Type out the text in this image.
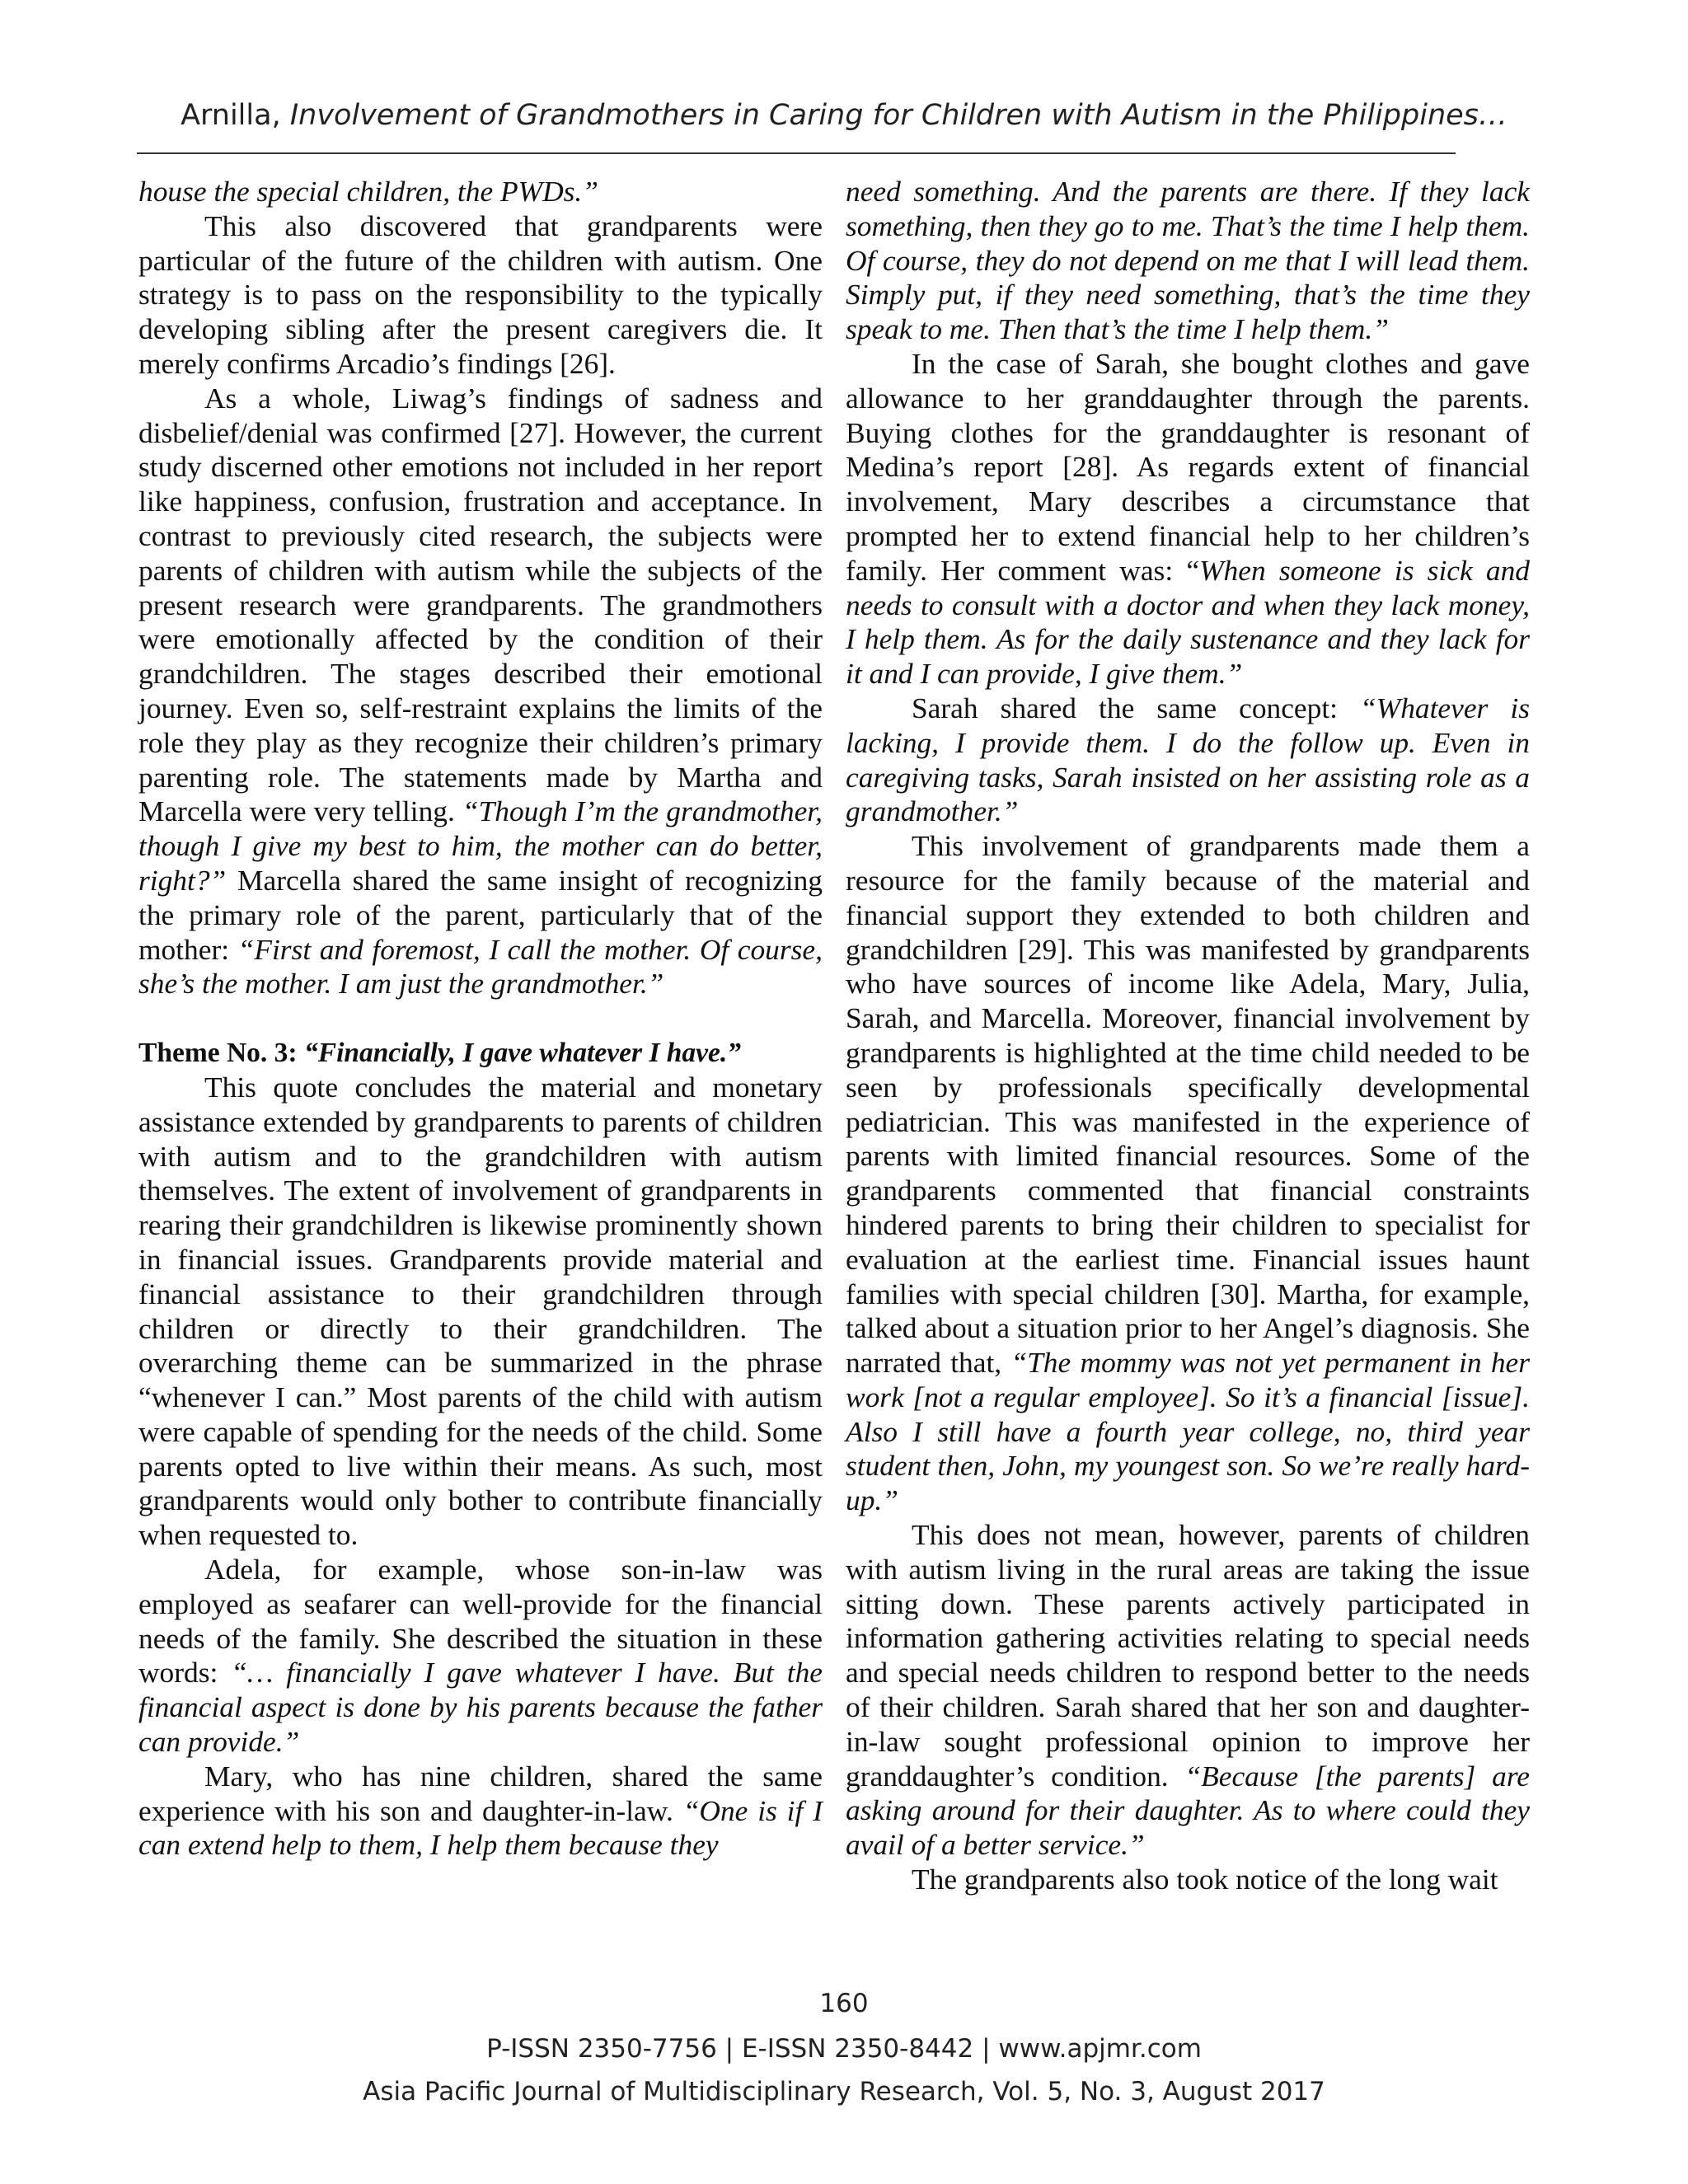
Arnilla, Involvement of Grandmothers in Caring for Children with Autism in the Philippines…

house the special children, the PWDs.”

This also discovered that grandparents were particular of the future of the children with autism. One strategy is to pass on the responsibility to the typically developing sibling after the present caregivers die. It merely confirms Arcadio’s findings [26].

As a whole, Liwag’s findings of sadness and disbelief/denial was confirmed [27]. However, the current study discerned other emotions not included in her report like happiness, confusion, frustration and acceptance. In contrast to previously cited research, the subjects were parents of children with autism while the subjects of the present research were grandparents. The grandmothers were emotionally affected by the condition of their grandchildren. The stages described their emotional journey. Even so, self-restraint explains the limits of the role they play as they recognize their children’s primary parenting role. The statements made by Martha and Marcella were very telling. “Though I’m the grandmother, though I give my best to him, the mother can do better, right?” Marcella shared the same insight of recognizing the primary role of the parent, particularly that of the mother: “First and foremost, I call the mother. Of course, she’s the mother. I am just the grandmother.”

Theme No. 3: “Financially, I gave whatever I have.”

This quote concludes the material and monetary assistance extended by grandparents to parents of children with autism and to the grandchildren with autism themselves. The extent of involvement of grandparents in rearing their grandchildren is likewise prominently shown in financial issues. Grandparents provide material and financial assistance to their grandchildren through children or directly to their grandchildren. The overarching theme can be summarized in the phrase “whenever I can.” Most parents of the child with autism were capable of spending for the needs of the child. Some parents opted to live within their means. As such, most grandparents would only bother to contribute financially when requested to.

Adela, for example, whose son-in-law was employed as seafarer can well-provide for the financial needs of the family. She described the situation in these words: “… financially I gave whatever I have. But the financial aspect is done by his parents because the father can provide.”

Mary, who has nine children, shared the same experience with his son and daughter-in-law. “One is if I can extend help to them, I help them because they

need something. And the parents are there. If they lack something, then they go to me. That’s the time I help them. Of course, they do not depend on me that I will lead them. Simply put, if they need something, that’s the time they speak to me. Then that’s the time I help them.”

In the case of Sarah, she bought clothes and gave allowance to her granddaughter through the parents. Buying clothes for the granddaughter is resonant of Medina’s report [28]. As regards extent of financial involvement, Mary describes a circumstance that prompted her to extend financial help to her children’s family. Her comment was: “When someone is sick and needs to consult with a doctor and when they lack money, I help them. As for the daily sustenance and they lack for it and I can provide, I give them.”

Sarah shared the same concept: “Whatever is lacking, I provide them. I do the follow up. Even in caregiving tasks, Sarah insisted on her assisting role as a grandmother.”

This involvement of grandparents made them a resource for the family because of the material and financial support they extended to both children and grandchildren [29]. This was manifested by grandparents who have sources of income like Adela, Mary, Julia, Sarah, and Marcella. Moreover, financial involvement by grandparents is highlighted at the time child needed to be seen by professionals specifically developmental pediatrician. This was manifested in the experience of parents with limited financial resources. Some of the grandparents commented that financial constraints hindered parents to bring their children to specialist for evaluation at the earliest time. Financial issues haunt families with special children [30]. Martha, for example, talked about a situation prior to her Angel’s diagnosis. She narrated that, “The mommy was not yet permanent in her work [not a regular employee]. So it’s a financial [issue]. Also I still have a fourth year college, no, third year student then, John, my youngest son. So we’re really hard-up.”

This does not mean, however, parents of children with autism living in the rural areas are taking the issue sitting down. These parents actively participated in information gathering activities relating to special needs and special needs children to respond better to the needs of their children. Sarah shared that her son and daughter-in-law sought professional opinion to improve her granddaughter’s condition. “Because [the parents] are asking around for their daughter. As to where could they avail of a better service.”

The grandparents also took notice of the long wait

160
P-ISSN 2350-7756 | E-ISSN 2350-8442 | www.apjmr.com
Asia Pacific Journal of Multidisciplinary Research, Vol. 5, No. 3, August 2017
